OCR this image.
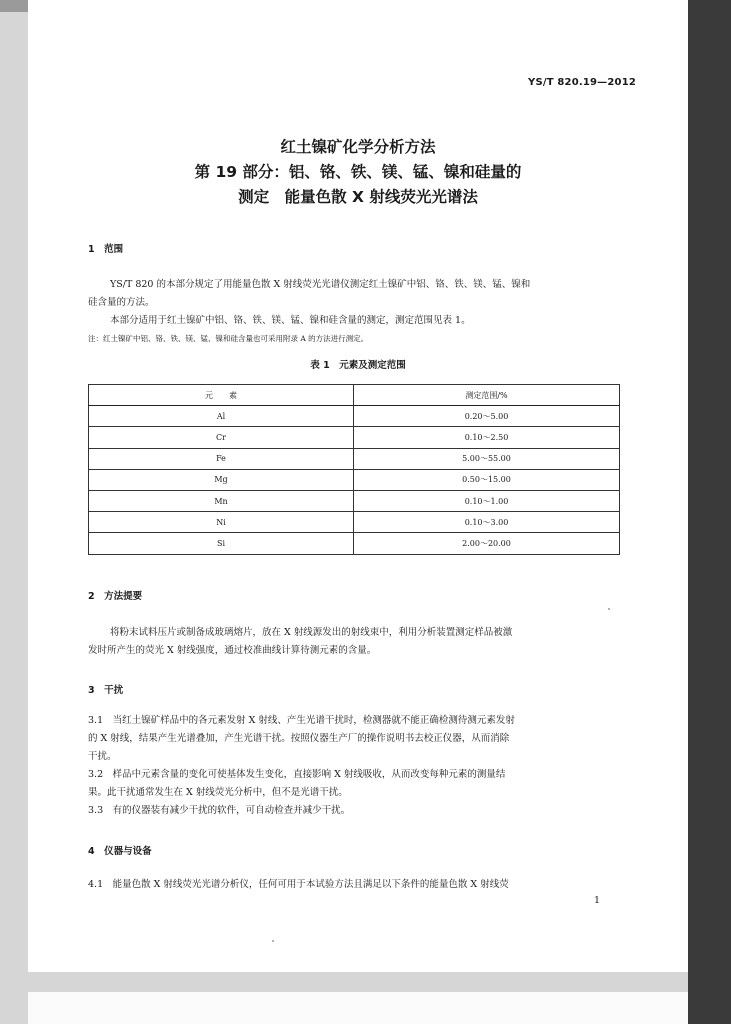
YS/T 820.19—2012
红土镍矿化学分析方法
第 19 部分：铝、铬、铁、镁、锰、镍和硅量的
测定　能量色散 X 射线荧光光谱法
1　范围
YS/T 820 的本部分规定了用能量色散 X 射线荧光光谱仪测定红土镍矿中铝、铬、铁、镁、锰、镍和
硅含量的方法。
本部分适用于红土镍矿中铝、铬、铁、镁、锰、镍和硅含量的测定，测定范围见表 1。
注：红土镍矿中铝、铬、铁、镁、锰、镍和硅含量也可采用附录 A 的方法进行测定。
表 1　元素及测定范围
元　　素	测定范围/%
Al	0.20～5.00
Cr	0.10～2.50
Fe	5.00～55.00
Mg	0.50～15.00
Mn	0.10～1.00
Ni	0.10～3.00
Si	2.00～20.00
2　方法提要
将粉末试料压片或制备成玻璃熔片，放在 X 射线源发出的射线束中，利用分析装置测定样品被激
发时所产生的荧光 X 射线强度，通过校准曲线计算待测元素的含量。
3　干扰
3.1　当红土镍矿样品中的各元素发射 X 射线、产生光谱干扰时，检测器就不能正确检测待测元素发射
的 X 射线，结果产生光谱叠加，产生光谱干扰。按照仪器生产厂的操作说明书去校正仪器，从而消除
干扰。
3.2　样品中元素含量的变化可使基体发生变化，直接影响 X 射线吸收，从而改变每种元素的测量结
果。此干扰通常发生在 X 射线荧光分析中，但不是光谱干扰。
3.3　有的仪器装有减少干扰的软件，可自动检查并减少干扰。
4　仪器与设备
4.1　能量色散 X 射线荧光光谱分析仪，任何可用于本试验方法且满足以下条件的能量色散 X 射线荧
1
